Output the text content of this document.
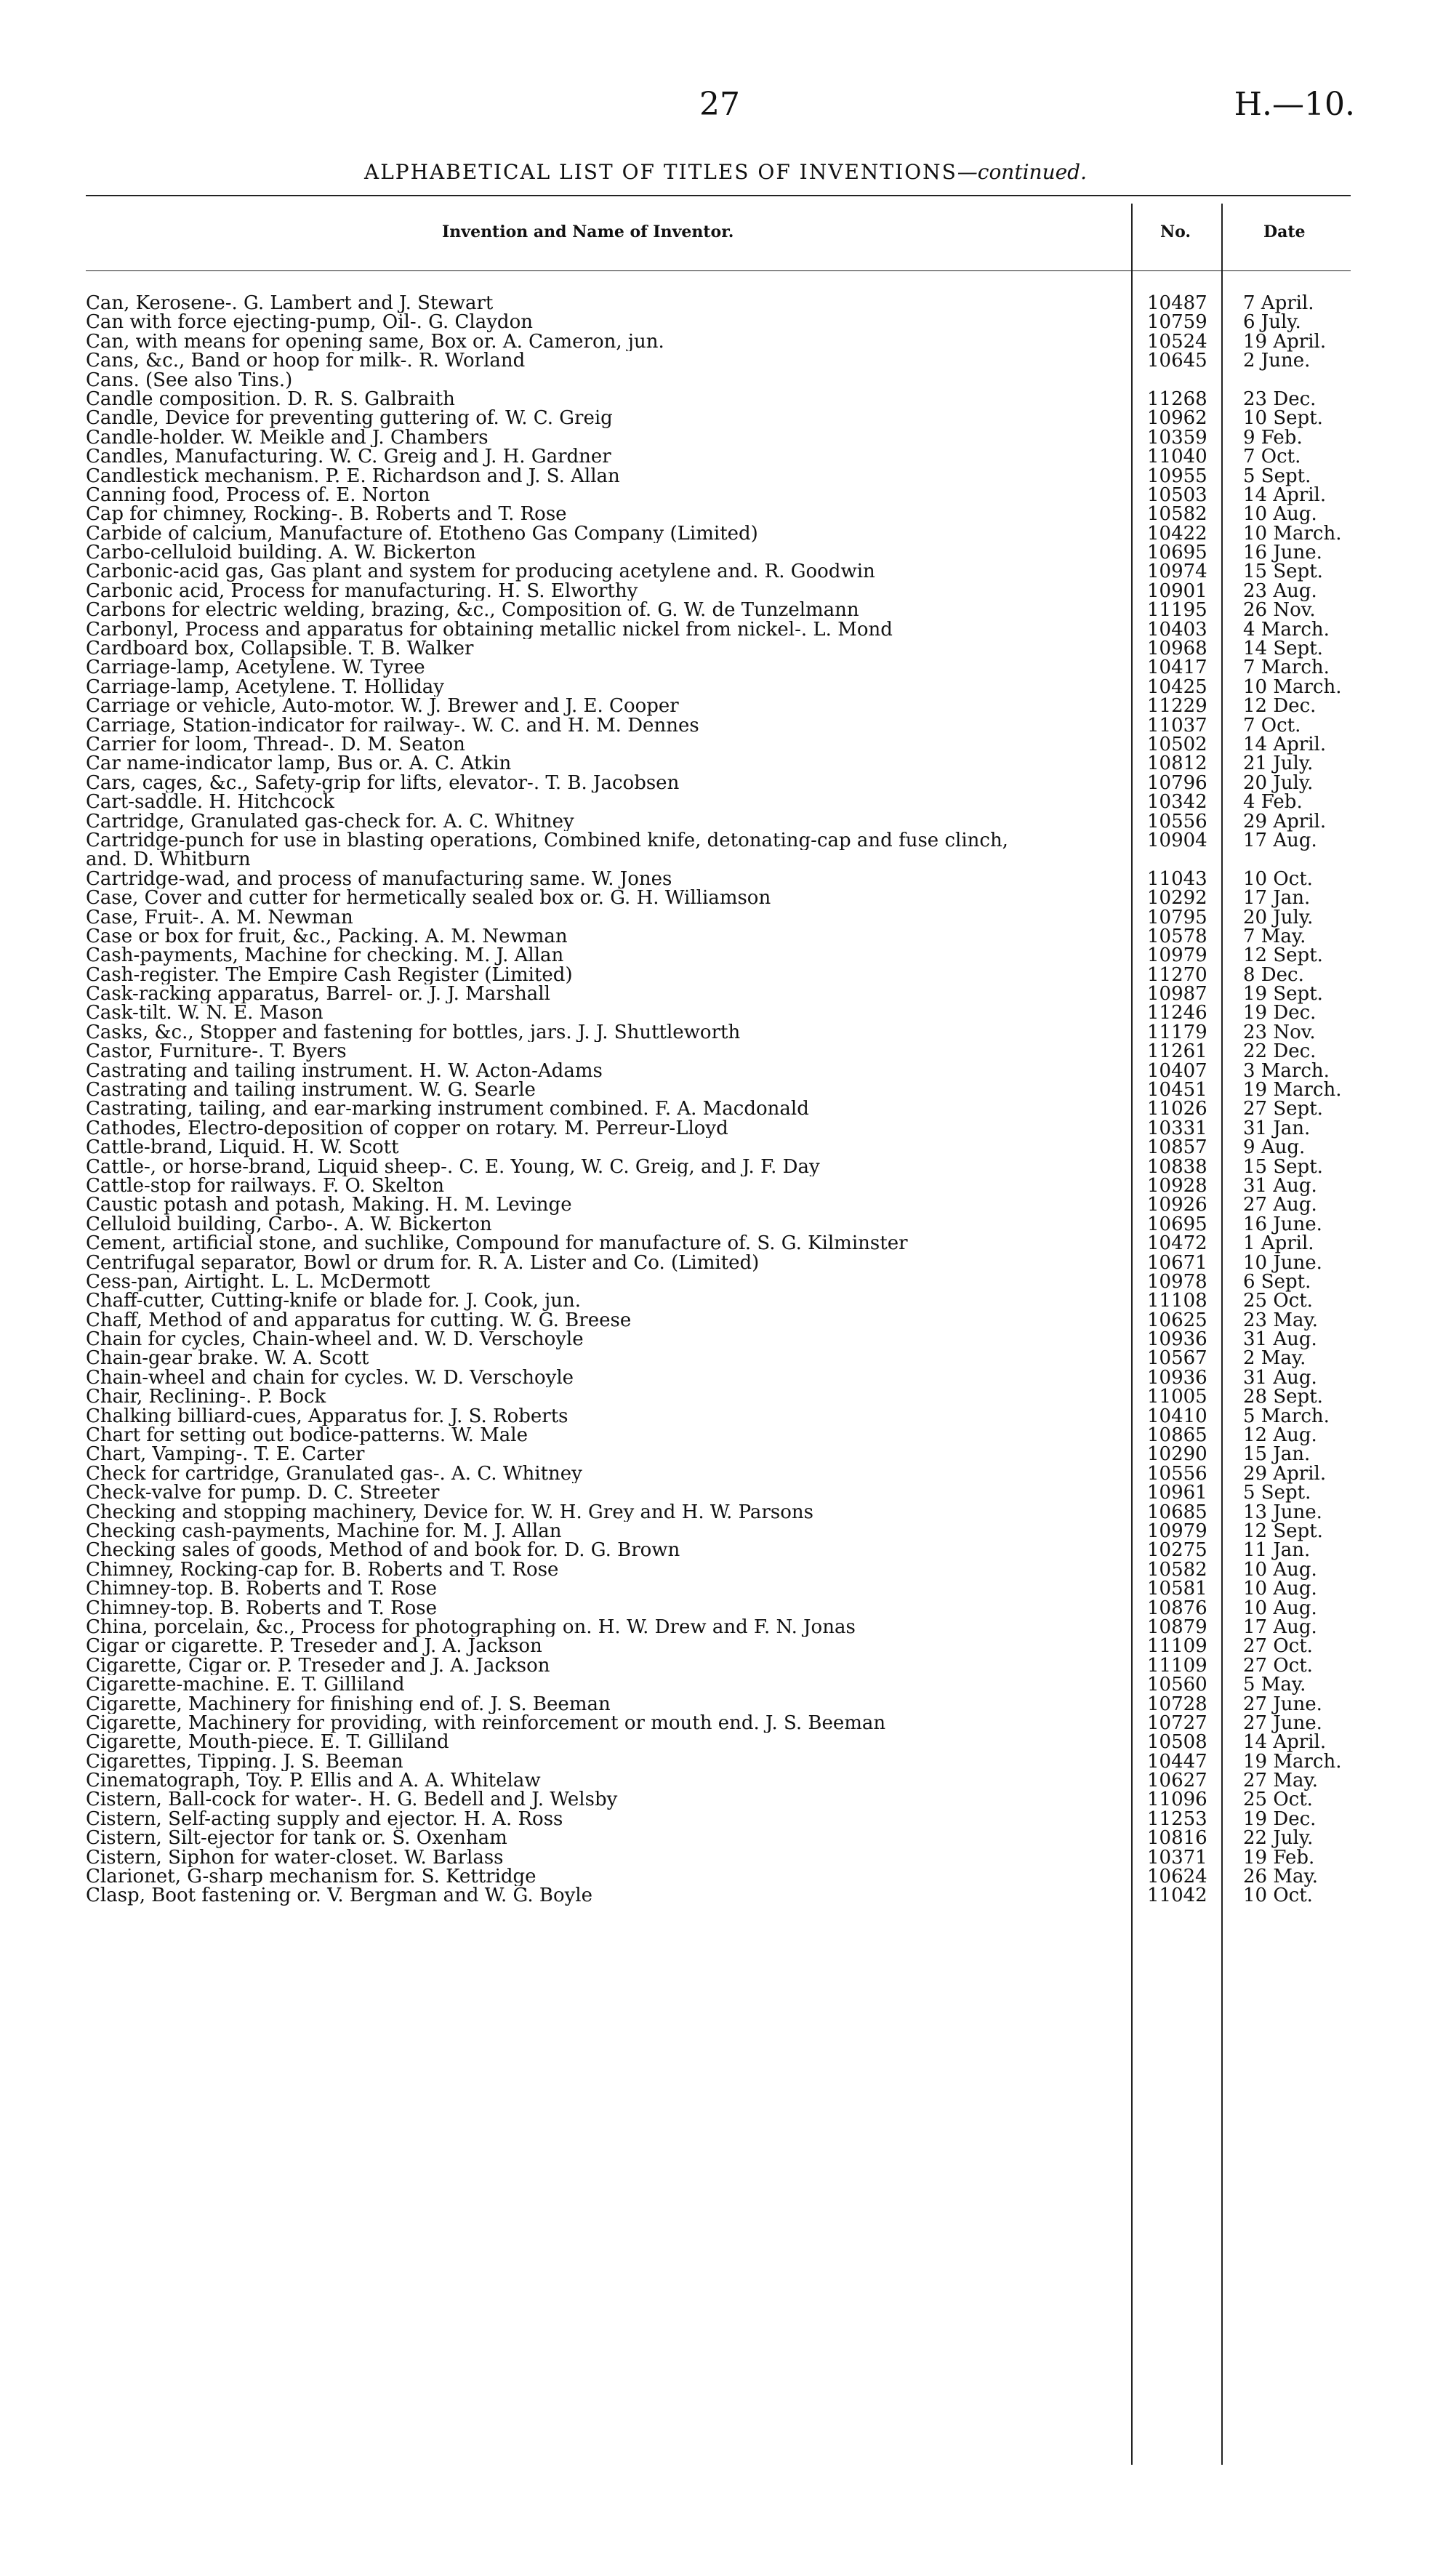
27	H.—10.
ALPHABETICAL LIST OF TITLES OF INVENTIONS—continued.
Invention and Name of Inventor.	No.	Date
Can, Kerosene-. G. Lambert and J. Stewart	10487	7 April.
Can with force ejecting-pump, Oil-. G. Claydon	10759	6 July.
Can, with means for opening same, Box or. A. Cameron, jun.	10524	19 April.
Cans, &c., Band or hoop for milk-. R. Worland	10645	2 June.
Cans. (See also Tins.)
Candle composition. D. R. S. Galbraith	11268	23 Dec.
Candle, Device for preventing guttering of. W. C. Greig	10962	10 Sept.
Candle-holder. W. Meikle and J. Chambers	10359	9 Feb.
Candles, Manufacturing. W. C. Greig and J. H. Gardner	11040	7 Oct.
Candlestick mechanism. P. E. Richardson and J. S. Allan	10955	5 Sept.
Canning food, Process of. E. Norton	10503	14 April.
Cap for chimney, Rocking-. B. Roberts and T. Rose	10582	10 Aug.
Carbide of calcium, Manufacture of. Etotheno Gas Company (Limited)	10422	10 March.
Carbo-celluloid building. A. W. Bickerton	10695	16 June.
Carbonic-acid gas, Gas plant and system for producing acetylene and. R. Goodwin	10974	15 Sept.
Carbonic acid, Process for manufacturing. H. S. Elworthy	10901	23 Aug.
Carbons for electric welding, brazing, &c., Composition of. G. W. de Tunzelmann	11195	26 Nov.
Carbonyl, Process and apparatus for obtaining metallic nickel from nickel-. L. Mond	10403	4 March.
Cardboard box, Collapsible. T. B. Walker	10968	14 Sept.
Carriage-lamp, Acetylene. W. Tyree	10417	7 March.
Carriage-lamp, Acetylene. T. Holliday	10425	10 March.
Carriage or vehicle, Auto-motor. W. J. Brewer and J. E. Cooper	11229	12 Dec.
Carriage, Station-indicator for railway-. W. C. and H. M. Dennes	11037	7 Oct.
Carrier for loom, Thread-. D. M. Seaton	10502	14 April.
Car name-indicator lamp, Bus or. A. C. Atkin	10812	21 July.
Cars, cages, &c., Safety-grip for lifts, elevator-. T. B. Jacobsen	10796	20 July.
Cart-saddle. H. Hitchcock	10342	4 Feb.
Cartridge, Granulated gas-check for. A. C. Whitney	10556	29 April.
Cartridge-punch for use in blasting operations, Combined knife, detonating-cap and fuse clinch,	10904	17 Aug.
and. D. Whitburn
Cartridge-wad, and process of manufacturing same. W. Jones	11043	10 Oct.
Case, Cover and cutter for hermetically sealed box or. G. H. Williamson	10292	17 Jan.
Case, Fruit-. A. M. Newman	10795	20 July.
Case or box for fruit, &c., Packing. A. M. Newman	10578	7 May.
Cash-payments, Machine for checking. M. J. Allan	10979	12 Sept.
Cash-register. The Empire Cash Register (Limited)	11270	8 Dec.
Cask-racking apparatus, Barrel- or. J. J. Marshall	10987	19 Sept.
Cask-tilt. W. N. E. Mason	11246	19 Dec.
Casks, &c., Stopper and fastening for bottles, jars. J. J. Shuttleworth	11179	23 Nov.
Castor, Furniture-. T. Byers	11261	22 Dec.
Castrating and tailing instrument. H. W. Acton-Adams	10407	3 March.
Castrating and tailing instrument. W. G. Searle	10451	19 March.
Castrating, tailing, and ear-marking instrument combined. F. A. Macdonald	11026	27 Sept.
Cathodes, Electro-deposition of copper on rotary. M. Perreur-Lloyd	10331	31 Jan.
Cattle-brand, Liquid. H. W. Scott	10857	9 Aug.
Cattle-, or horse-brand, Liquid sheep-. C. E. Young, W. C. Greig, and J. F. Day	10838	15 Sept.
Cattle-stop for railways. F. O. Skelton	10928	31 Aug.
Caustic potash and potash, Making. H. M. Levinge	10926	27 Aug.
Celluloid building, Carbo-. A. W. Bickerton	10695	16 June.
Cement, artificial stone, and suchlike, Compound for manufacture of. S. G. Kilminster	10472	1 April.
Centrifugal separator, Bowl or drum for. R. A. Lister and Co. (Limited)	10671	10 June.
Cess-pan, Airtight. L. L. McDermott	10978	6 Sept.
Chaff-cutter, Cutting-knife or blade for. J. Cook, jun.	11108	25 Oct.
Chaff, Method of and apparatus for cutting. W. G. Breese	10625	23 May.
Chain for cycles, Chain-wheel and. W. D. Verschoyle	10936	31 Aug.
Chain-gear brake. W. A. Scott	10567	2 May.
Chain-wheel and chain for cycles. W. D. Verschoyle	10936	31 Aug.
Chair, Reclining-. P. Bock	11005	28 Sept.
Chalking billiard-cues, Apparatus for. J. S. Roberts	10410	5 March.
Chart for setting out bodice-patterns. W. Male	10865	12 Aug.
Chart, Vamping-. T. E. Carter	10290	15 Jan.
Check for cartridge, Granulated gas-. A. C. Whitney	10556	29 April.
Check-valve for pump. D. C. Streeter	10961	5 Sept.
Checking and stopping machinery, Device for. W. H. Grey and H. W. Parsons	10685	13 June.
Checking cash-payments, Machine for. M. J. Allan	10979	12 Sept.
Checking sales of goods, Method of and book for. D. G. Brown	10275	11 Jan.
Chimney, Rocking-cap for. B. Roberts and T. Rose	10582	10 Aug.
Chimney-top. B. Roberts and T. Rose	10581	10 Aug.
Chimney-top. B. Roberts and T. Rose	10876	10 Aug.
China, porcelain, &c., Process for photographing on. H. W. Drew and F. N. Jonas	10879	17 Aug.
Cigar or cigarette. P. Treseder and J. A. Jackson	11109	27 Oct.
Cigarette, Cigar or. P. Treseder and J. A. Jackson	11109	27 Oct.
Cigarette-machine. E. T. Gilliland	10560	5 May.
Cigarette, Machinery for finishing end of. J. S. Beeman	10728	27 June.
Cigarette, Machinery for providing, with reinforcement or mouth end. J. S. Beeman	10727	27 June.
Cigarette, Mouth-piece. E. T. Gilliland	10508	14 April.
Cigarettes, Tipping. J. S. Beeman	10447	19 March.
Cinematograph, Toy. P. Ellis and A. A. Whitelaw	10627	27 May.
Cistern, Ball-cock for water-. H. G. Bedell and J. Welsby	11096	25 Oct.
Cistern, Self-acting supply and ejector. H. A. Ross	11253	19 Dec.
Cistern, Silt-ejector for tank or. S. Oxenham	10816	22 July.
Cistern, Siphon for water-closet. W. Barlass	10371	19 Feb.
Clarionet, G-sharp mechanism for. S. Kettridge	10624	26 May.
Clasp, Boot fastening or. V. Bergman and W. G. Boyle	11042	10 Oct.
